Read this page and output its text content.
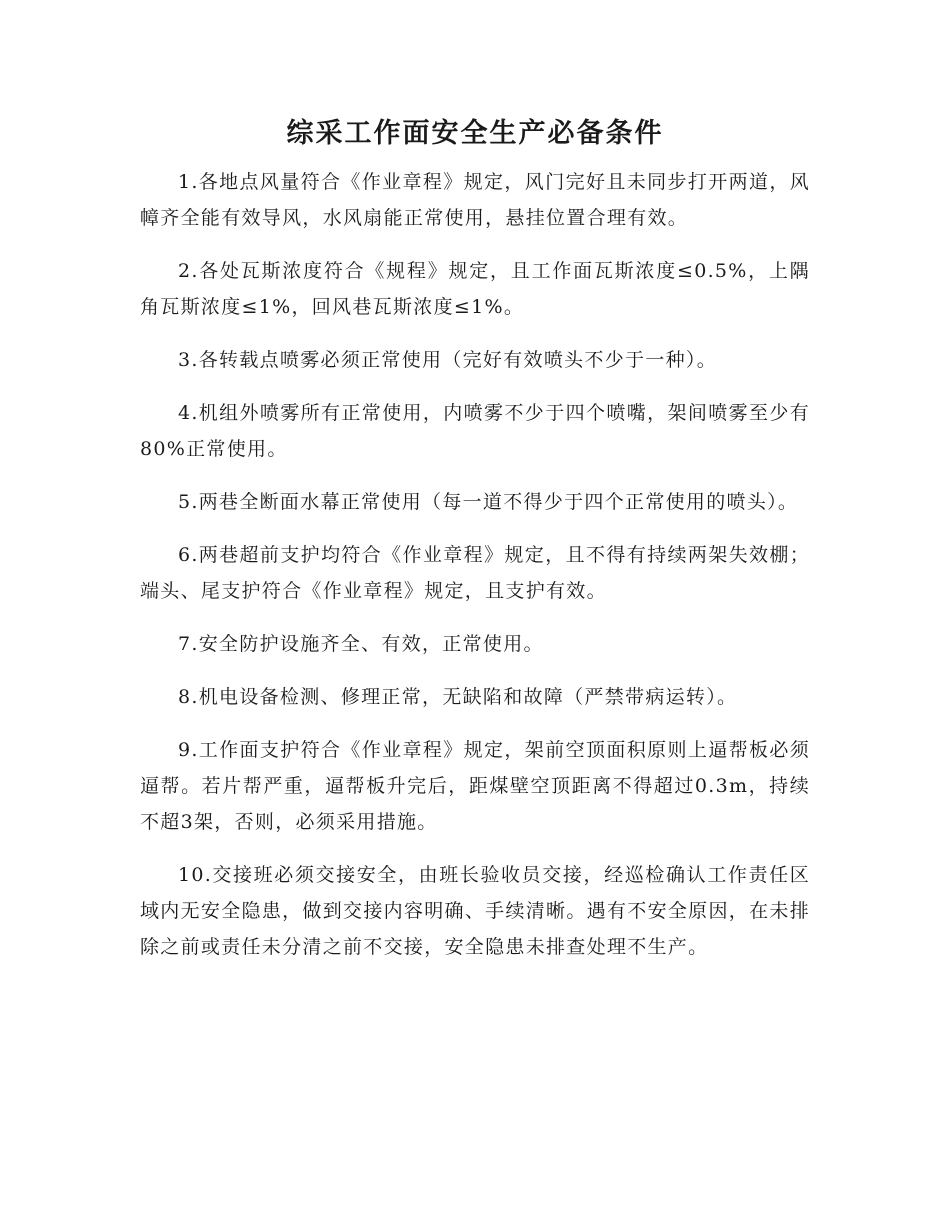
综采工作面安全生产必备条件

1.各地点风量符合《作业章程》规定，风门完好且未同步打开两道，风幛齐全能有效导风，水风扇能正常使用，悬挂位置合理有效。

2.各处瓦斯浓度符合《规程》规定，且工作面瓦斯浓度≤0.5%，上隅角瓦斯浓度≤1%，回风巷瓦斯浓度≤1%。

3.各转载点喷雾必须正常使用（完好有效喷头不少于一种）。

4.机组外喷雾所有正常使用，内喷雾不少于四个喷嘴，架间喷雾至少有80%正常使用。

5.两巷全断面水幕正常使用（每一道不得少于四个正常使用的喷头）。

6.两巷超前支护均符合《作业章程》规定，且不得有持续两架失效棚；端头、尾支护符合《作业章程》规定，且支护有效。

7.安全防护设施齐全、有效，正常使用。

8.机电设备检测、修理正常，无缺陷和故障（严禁带病运转）。

9.工作面支护符合《作业章程》规定，架前空顶面积原则上逼帮板必须逼帮。若片帮严重，逼帮板升完后，距煤壁空顶距离不得超过0.3m，持续不超3架，否则，必须采用措施。

10.交接班必须交接安全，由班长验收员交接，经巡检确认工作责任区域内无安全隐患，做到交接内容明确、手续清晰。遇有不安全原因，在未排除之前或责任未分清之前不交接，安全隐患未排查处理不生产。
